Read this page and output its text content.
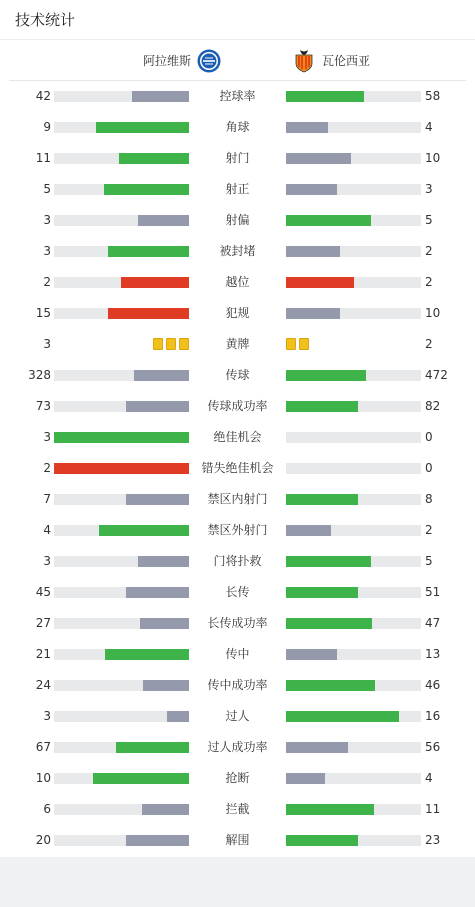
技术统计
阿拉维斯	瓦伦西亚
42	控球率	58
9	角球	4
11	射门	10
5	射正	3
3	射偏	5
3	被封堵	2
2	越位	2
15	犯规	10
3	黄牌	2
328	传球	472
73	传球成功率	82
3	绝佳机会	0
2	错失绝佳机会	0
7	禁区内射门	8
4	禁区外射门	2
3	门将扑救	5
45	长传	51
27	长传成功率	47
21	传中	13
24	传中成功率	46
3	过人	16
67	过人成功率	56
10	抢断	4
6	拦截	11
20	解围	23
